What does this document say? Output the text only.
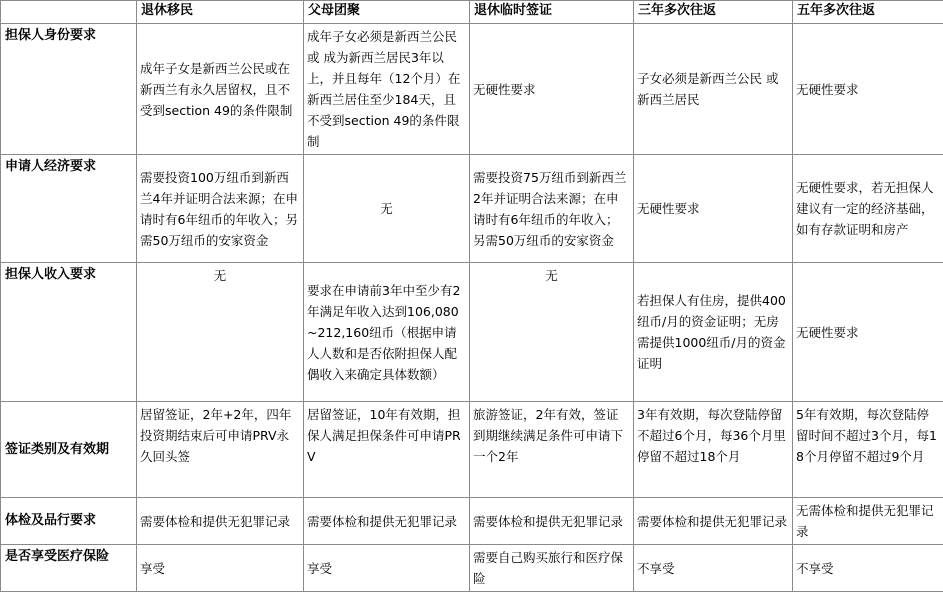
	退休移民	父母团聚	退休临时签证	三年多次往返	五年多次往返
担保人身份要求	成年子女是新西兰公民或在新西兰有永久居留权，且不受到section 49的条件限制	成年子女必须是新西兰公民 或 成为新西兰居民3年以上，并且每年（12个月）在新西兰居住至少184天，且不受到section 49的条件限制	无硬性要求	子女必须是新西兰公民 或 新西兰居民	无硬性要求
申请人经济要求	需要投资100万纽币到新西兰4年并证明合法来源；在申请时有6年纽币的年收入；另需50万纽币的安家资金	无	需要投资75万纽币到新西兰2年并证明合法来源；在申请时有6年纽币的年收入；另需50万纽币的安家资金	无硬性要求	无硬性要求，若无担保人建议有一定的经济基础，如有存款证明和房产
担保人收入要求	无	要求在申请前3年中至少有2年满足年收入达到106,080 ~212,160纽币（根据申请人人数和是否依附担保人配偶收入来确定具体数额）	无	若担保人有住房，提供400纽币/月的资金证明；无房需提供1000纽币/月的资金证明	无硬性要求
签证类别及有效期	居留签证，2年+2年，四年投资期结束后可申请PRV永久回头签	居留签证，10年有效期，担保人满足担保条件可申请PRV	旅游签证，2年有效，签证到期继续满足条件可申请下一个2年	3年有效期，每次登陆停留不超过6个月，每36个月里停留不超过18个月	5年有效期，每次登陆停留时间不超过3个月，每18个月停留不超过9个月
体检及品行要求	需要体检和提供无犯罪记录	需要体检和提供无犯罪记录	需要体检和提供无犯罪记录	需要体检和提供无犯罪记录	无需体检和提供无犯罪记录
是否享受医疗保险	享受	享受	需要自己购买旅行和医疗保险	不享受	不享受
